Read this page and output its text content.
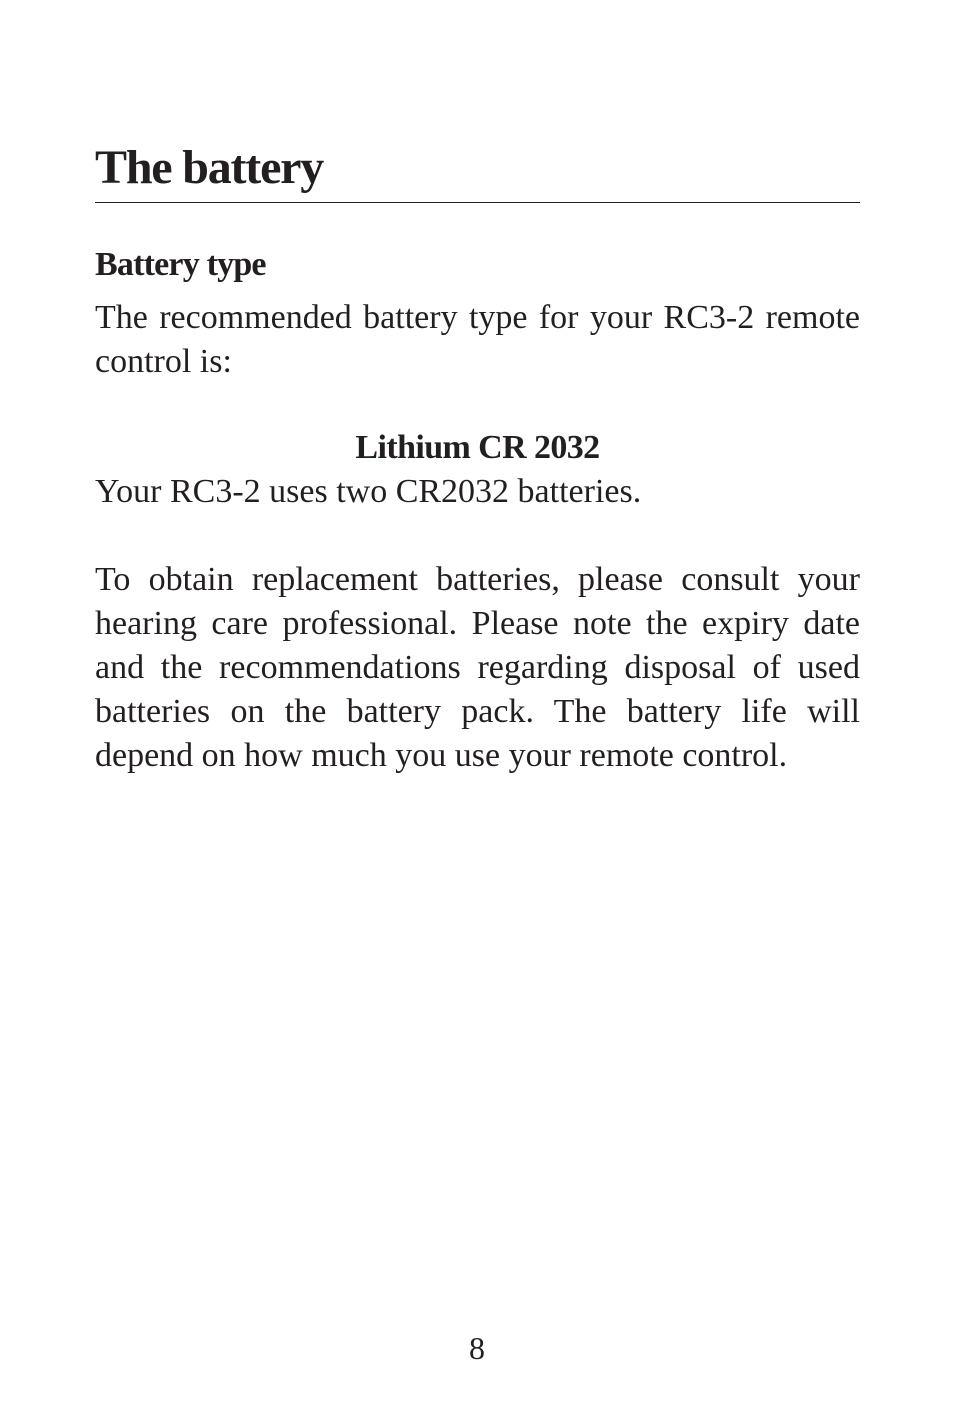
The battery
Battery type

The recommended battery type for your RC3-2 remote control is:

Lithium CR 2032

Your RC3-2 uses two CR2032 batteries.

To obtain replacement batteries, please consult your hearing care professional. Please note the expiry date and the recommendations regarding disposal of used batteries on the battery pack. The battery life will depend on how much you use your remote control.

8
